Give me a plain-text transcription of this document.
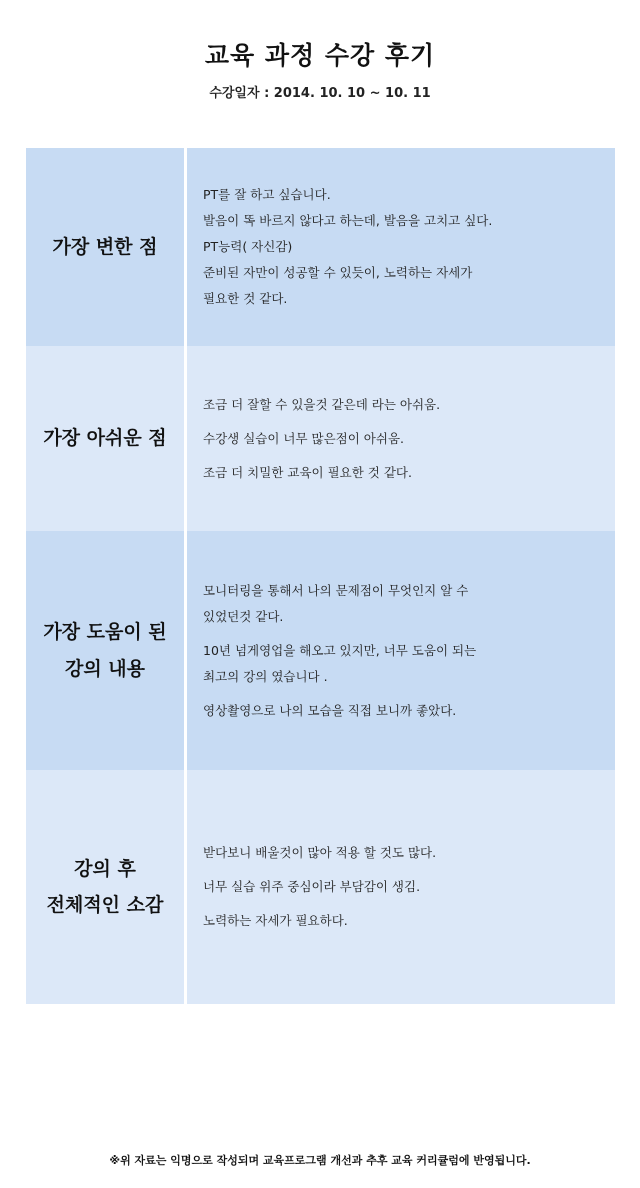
교육 과정 수강 후기
수강일자 : 2014. 10. 10 ~ 10. 11
가장 변한 점

PT를 잘 하고 싶습니다.

발음이 똑 바르지 않다고 하는데, 발음을 고치고 싶다.

PT능력( 자신감)

준비된 자만이 성공할 수 있듯이, 노력하는 자세가

필요한 것 같다.

가장 아쉬운 점

조금 더 잘할 수 있을것 같은데 라는 아쉬움.

수강생 실습이 너무 많은점이 아쉬움.

조금 더 치밀한 교육이 필요한 것 같다.

가장 도움이 된
강의 내용

모니터링을 통해서 나의 문제점이 무엇인지 알 수

있었던것 같다.

10년 넘게영업을 해오고 있지만, 너무 도움이 되는

최고의 강의 였습니다 .

영상촬영으로 나의 모습을 직접 보니까 좋았다.

강의 후
전체적인 소감

받다보니 배울것이 많아 적용 할 것도 많다.

너무 실습 위주 중심이라 부담감이 생김.

노력하는 자세가 필요하다.

※위 자료는 익명으로 작성되며 교육프로그램 개선과 추후 교육 커리큘럼에 반영됩니다.
